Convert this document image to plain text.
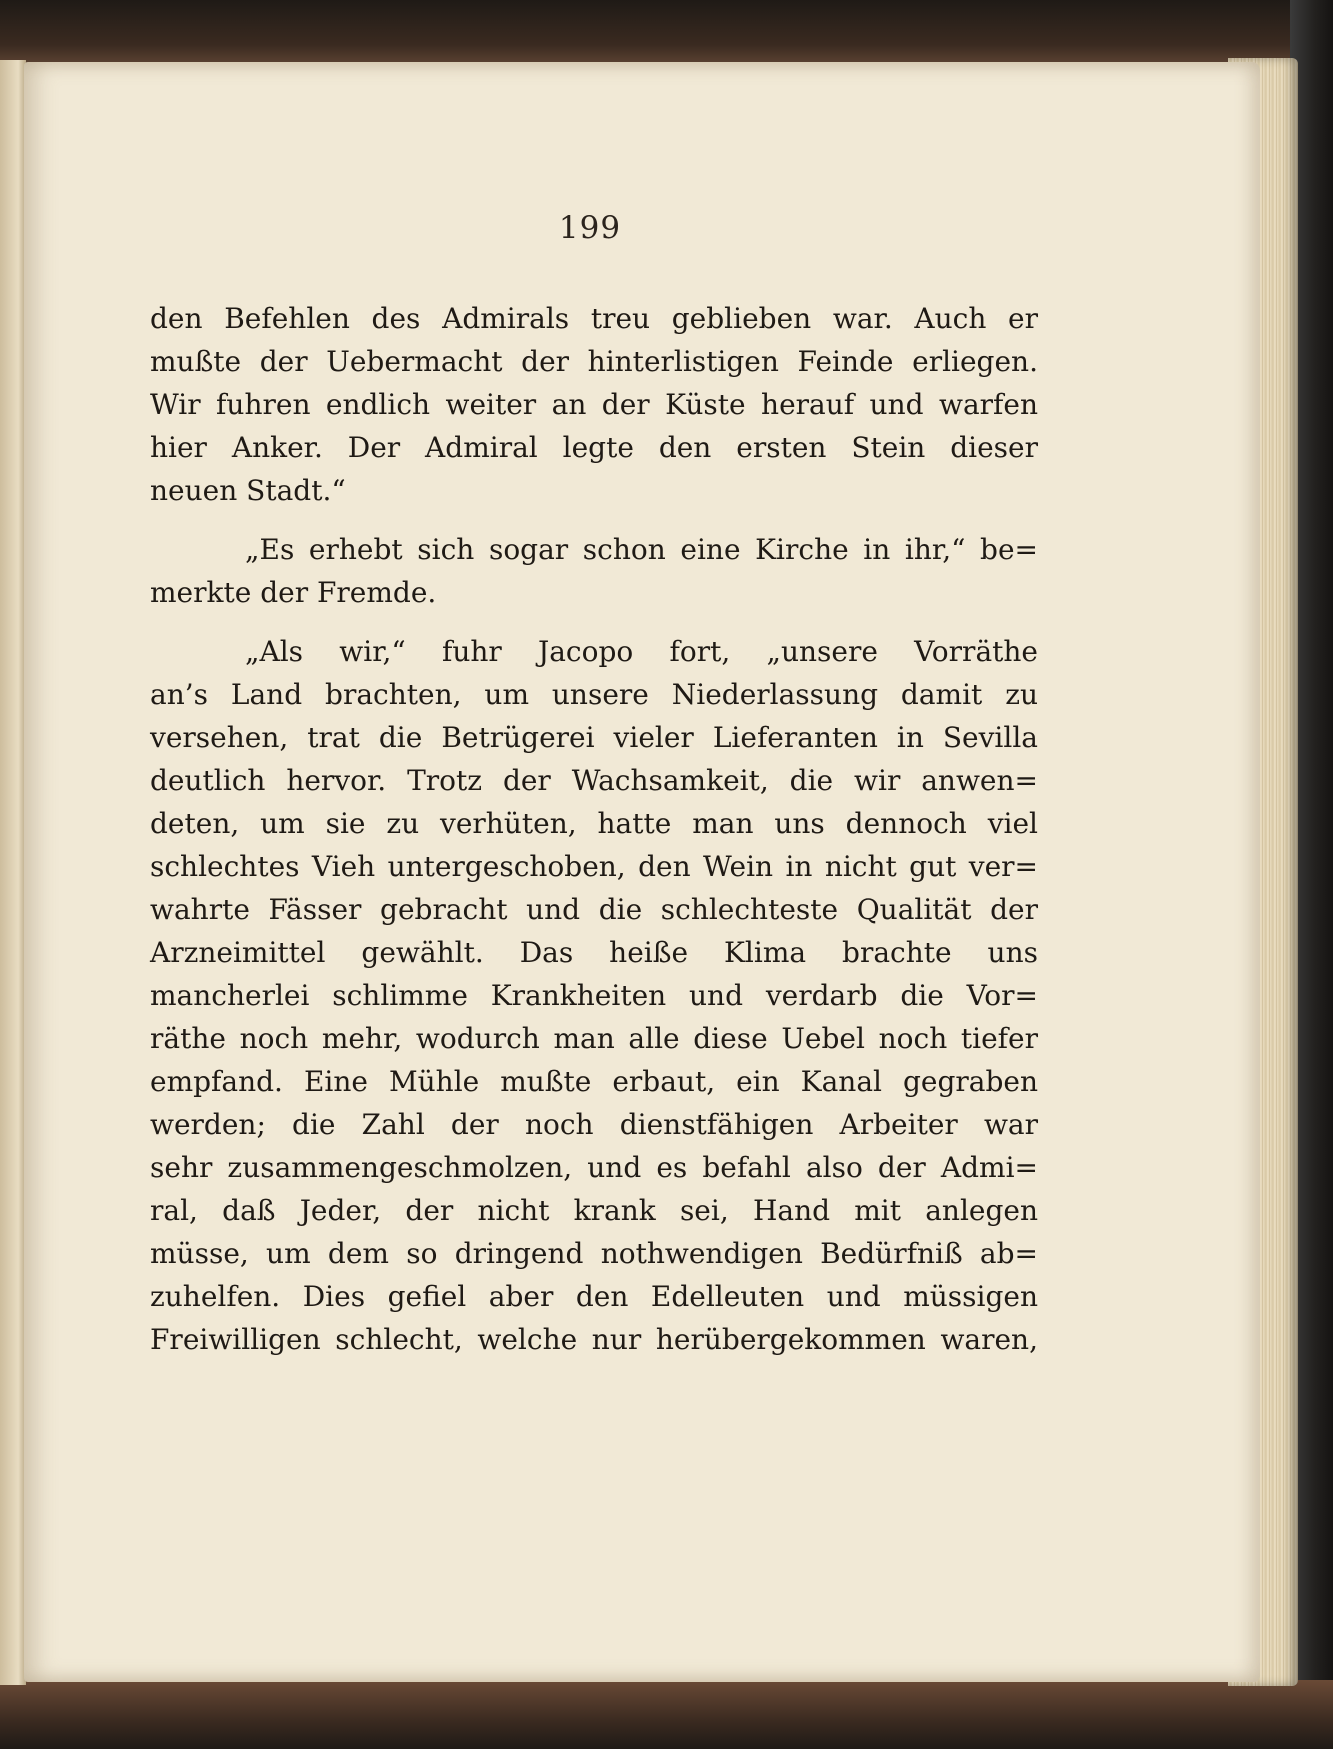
199
den Befehlen des Admirals treu geblieben war. Auch er
mußte der Uebermacht der hinterlistigen Feinde erliegen.
Wir fuhren endlich weiter an der Küste herauf und warfen
hier Anker. Der Admiral legte den ersten Stein dieser
neuen Stadt.“
„Es erhebt sich sogar schon eine Kirche in ihr,“ be=
merkte der Fremde.
„Als wir,“ fuhr Jacopo fort, „unsere Vorräthe
an’s Land brachten, um unsere Niederlassung damit zu
versehen, trat die Betrügerei vieler Lieferanten in Sevilla
deutlich hervor. Trotz der Wachsamkeit, die wir anwen=
deten, um sie zu verhüten, hatte man uns dennoch viel
schlechtes Vieh untergeschoben, den Wein in nicht gut ver=
wahrte Fässer gebracht und die schlechteste Qualität der
Arzneimittel gewählt. Das heiße Klima brachte uns
mancherlei schlimme Krankheiten und verdarb die Vor=
räthe noch mehr, wodurch man alle diese Uebel noch tiefer
empfand. Eine Mühle mußte erbaut, ein Kanal gegraben
werden; die Zahl der noch dienstfähigen Arbeiter war
sehr zusammengeschmolzen, und es befahl also der Admi=
ral, daß Jeder, der nicht krank sei, Hand mit anlegen
müsse, um dem so dringend nothwendigen Bedürfniß ab=
zuhelfen. Dies gefiel aber den Edelleuten und müssigen
Freiwilligen schlecht, welche nur herübergekommen waren,
